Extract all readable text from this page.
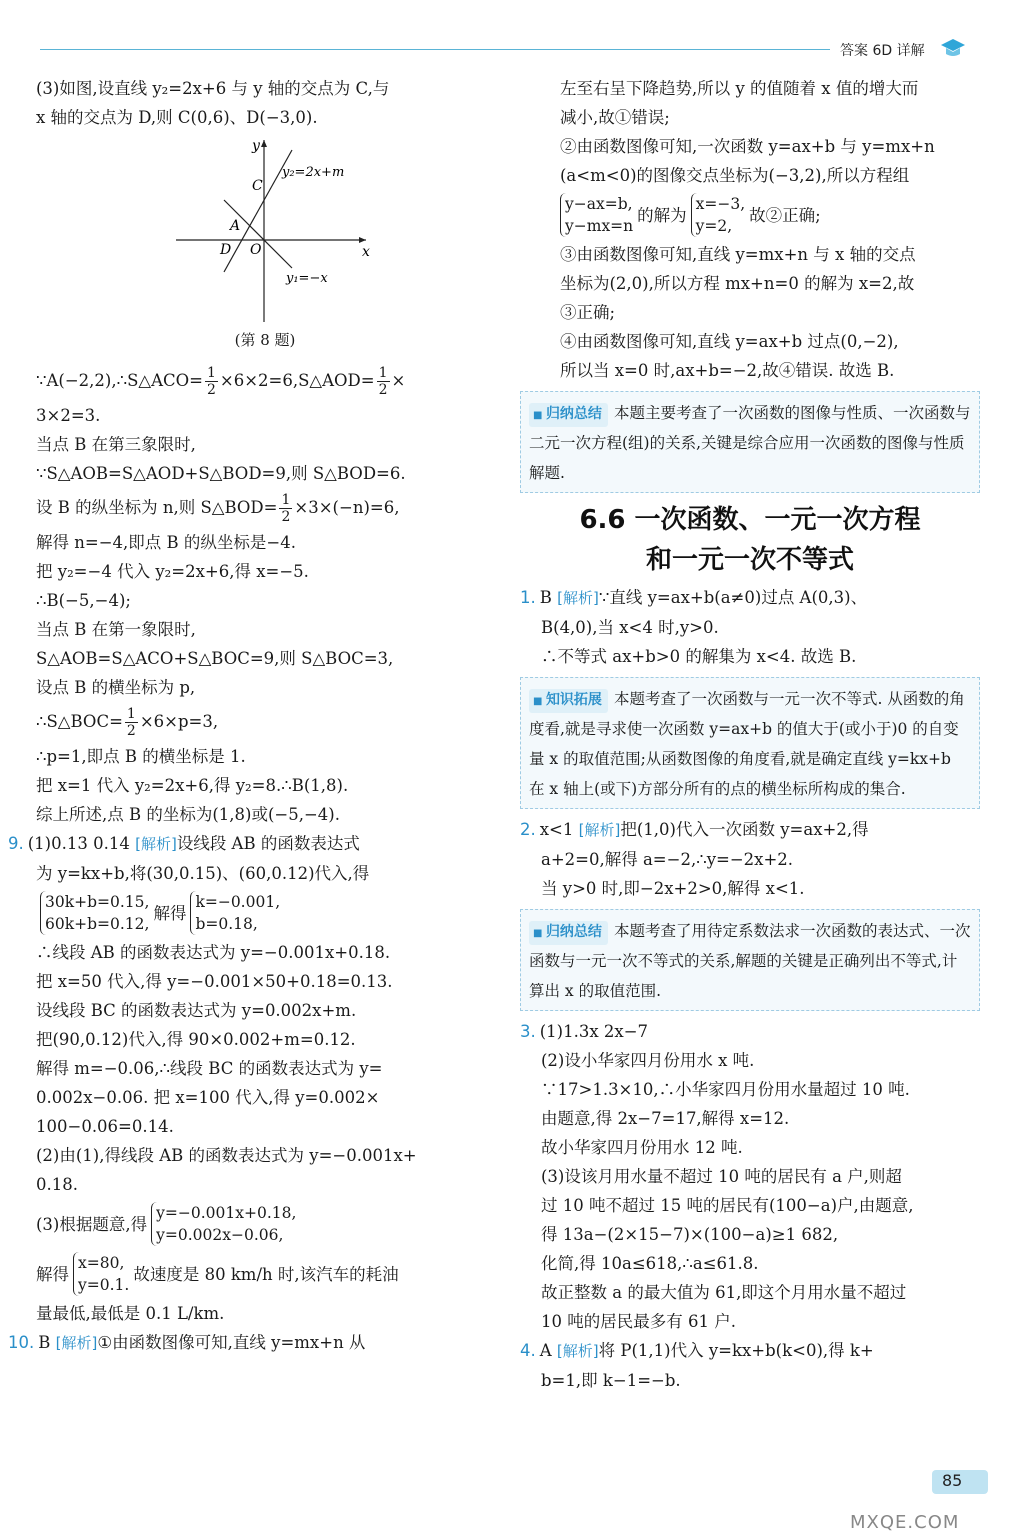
答案 6D 详解
(3)如图,设直线 y₂=2x+6 与 y 轴的交点为 C,与
x 轴的交点为 D,则 C(0,6)、D(−3,0).
y
x
C
A
D O
y₂=2x+m
y₁=−x
(第 8 题)
∵A(−2,2),∴S△ACO= $\frac{1}{2}$ ×6×2=6,S△AOD= $\frac{1}{2}$ ×
3×2=3.
当点 B 在第三象限时,
∵S△AOB=S△AOD+S△BOD=9,则 S△BOD=6.
设 B 的纵坐标为 n,则 S△BOD= $\frac{1}{2} \times 3\times(-n)=6$,
解得 n=−4,即点 B 的纵坐标是−4.
把 y₂=−4 代入 y₂=2x+6,得 x=−5.
∴B(−5,−4);
当点 B 在第一象限时,
S△AOB=S△ACO+S△BOC=9,则 S△BOC=3,
设点 B 的横坐标为 p,
∴S△BOC= $\frac{1}{2} \times 6\times p=3$,
∴p=1,即点 B 的横坐标是 1.
把 x=1 代入 y₂=2x+6,得 y₂=8.∴B(1,8).
综上所述,点 B 的坐标为(1,8)或(−5,−4).
9. (1)0.13 0.14 [解析]设线段 AB 的函数表达式
为 y=kx+b,将(30,0.15)、(60,0.12)代入,得
30k+b=0.15,
60k+b=0.12,
解得
k=−0.001,
b=0.18,
∴线段 AB 的函数表达式为 y=−0.001x+0.18.
把 x=50 代入,得 y=−0.001×50+0.18=0.13.
设线段 BC 的函数表达式为 y=0.002x+m.
把(90,0.12)代入,得 90×0.002+m=0.12.
解得 m=−0.06,∴线段 BC 的函数表达式为 y=
0.002x−0.06. 把 x=100 代入,得 y=0.002×
100−0.06=0.14.
(2)由(1),得线段 AB 的函数表达式为 y=−0.001x+
0.18.
(3)根据题意,得
y=−0.001x+0.18,
y=0.002x−0.06,
解得
x=80,
y=0.1.
故速度是 80 km/h 时,该汽车的耗油
量最低,最低是 0.1 L/km.
10. B [解析]①由函数图像可知,直线 y=mx+n 从
左至右呈下降趋势,所以 y 的值随着 x 值的增大而
减小,故①错误;
②由函数图像可知,一次函数 y=ax+b 与 y=mx+n
(a<m<0)的图像交点坐标为(−3,2),所以方程组
y−ax=b,
y−mx=n
的解为
x=−3,
y=2,
故②正确;
③由函数图像可知,直线 y=mx+n 与 x 轴的交点
坐标为(2,0),所以方程 mx+n=0 的解为 x=2,故
③正确;
④由函数图像可知,直线 y=ax+b 过点(0,−2),
所以当 x=0 时,ax+b=−2,故④错误. 故选 B.
■ 归纳总结 本题主要考查了一次函数的图像与性质、一次函数与二元一次方程(组)的关系,关键是综合应用一次函数的图像与性质解题.
6.6 一次函数、一元一次方程
和一元一次不等式
1. B [解析]∵直线 y=ax+b(a≠0)过点 A(0,3)、
B(4,0),当 x<4 时,y>0.
∴不等式 ax+b>0 的解集为 x<4. 故选 B.
■ 知识拓展 本题考查了一次函数与一元一次不等式. 从函数的角度看,就是寻求使一次函数 y=ax+b 的值大于(或小于)0 的自变量 x 的取值范围;从函数图像的角度看,就是确定直线 y=kx+b 在 x 轴上(或下)方部分所有的点的横坐标所构成的集合.
2. x<1 [解析]把(1,0)代入一次函数 y=ax+2,得
a+2=0,解得 a=−2,∴y=−2x+2.
当 y>0 时,即−2x+2>0,解得 x<1.
■ 归纳总结 本题考查了用待定系数法求一次函数的表达式、一次函数与一元一次不等式的关系,解题的关键是正确列出不等式,计算出 x 的取值范围.
3. (1)1.3x 2x−7
(2)设小华家四月份用水 x 吨.
∵17>1.3×10,∴小华家四月份用水量超过 10 吨.
由题意,得 2x−7=17,解得 x=12.
故小华家四月份用水 12 吨.
(3)设该月用水量不超过 10 吨的居民有 a 户,则超
过 10 吨不超过 15 吨的居民有(100−a)户,由题意,
得 13a−(2×15−7)×(100−a)≥1 682,
化简,得 10a≤618,∴a≤61.8.
故正整数 a 的最大值为 61,即这个月用水量不超过
10 吨的居民最多有 61 户.
4. A [解析]将 P(1,1)代入 y=kx+b(k<0),得 k+
b=1,即 k−1=−b.
85
MXQE.COM
